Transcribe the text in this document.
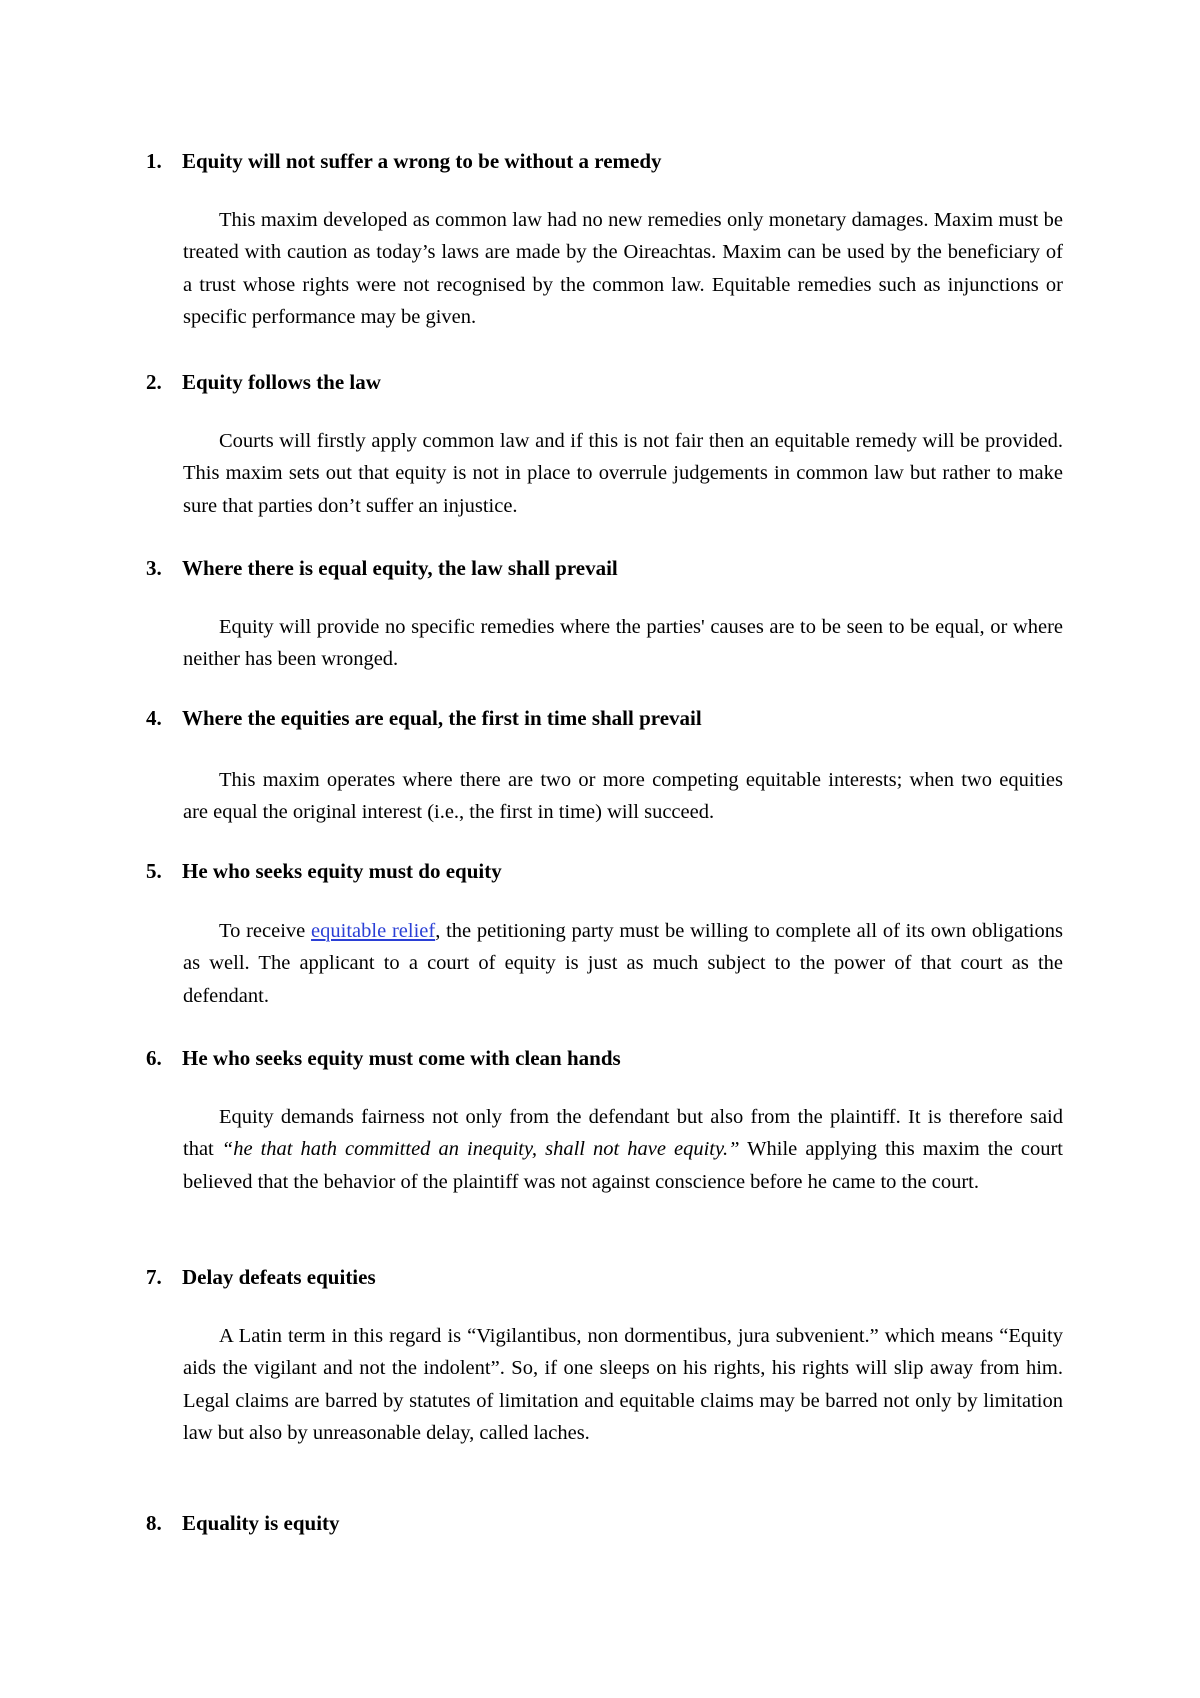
1. Equity will not suffer a wrong to be without a remedy
This maxim developed as common law had no new remedies only monetary damages. Maxim must be treated with caution as today’s laws are made by the Oireachtas. Maxim can be used by the beneficiary of a trust whose rights were not recognised by the common law. Equitable remedies such as injunctions or specific performance may be given.
2. Equity follows the law
Courts will firstly apply common law and if this is not fair then an equitable remedy will be provided. This maxim sets out that equity is not in place to overrule judgements in common law but rather to make sure that parties don’t suffer an injustice.
3. Where there is equal equity, the law shall prevail
Equity will provide no specific remedies where the parties' causes are to be seen to be equal, or where neither has been wronged.
4. Where the equities are equal, the first in time shall prevail
This maxim operates where there are two or more competing equitable interests; when two equities are equal the original interest (i.e., the first in time) will succeed.
5. He who seeks equity must do equity
To receive equitable relief, the petitioning party must be willing to complete all of its own obligations as well. The applicant to a court of equity is just as much subject to the power of that court as the defendant.
6. He who seeks equity must come with clean hands
Equity demands fairness not only from the defendant but also from the plaintiff. It is therefore said that “he that hath committed an inequity, shall not have equity.” While applying this maxim the court believed that the behavior of the plaintiff was not against conscience before he came to the court.
7. Delay defeats equities
A Latin term in this regard is “Vigilantibus, non dormentibus, jura subvenient.” which means “Equity aids the vigilant and not the indolent”. So, if one sleeps on his rights, his rights will slip away from him. Legal claims are barred by statutes of limitation and equitable claims may be barred not only by limitation law but also by unreasonable delay, called laches.
8. Equality is equity
